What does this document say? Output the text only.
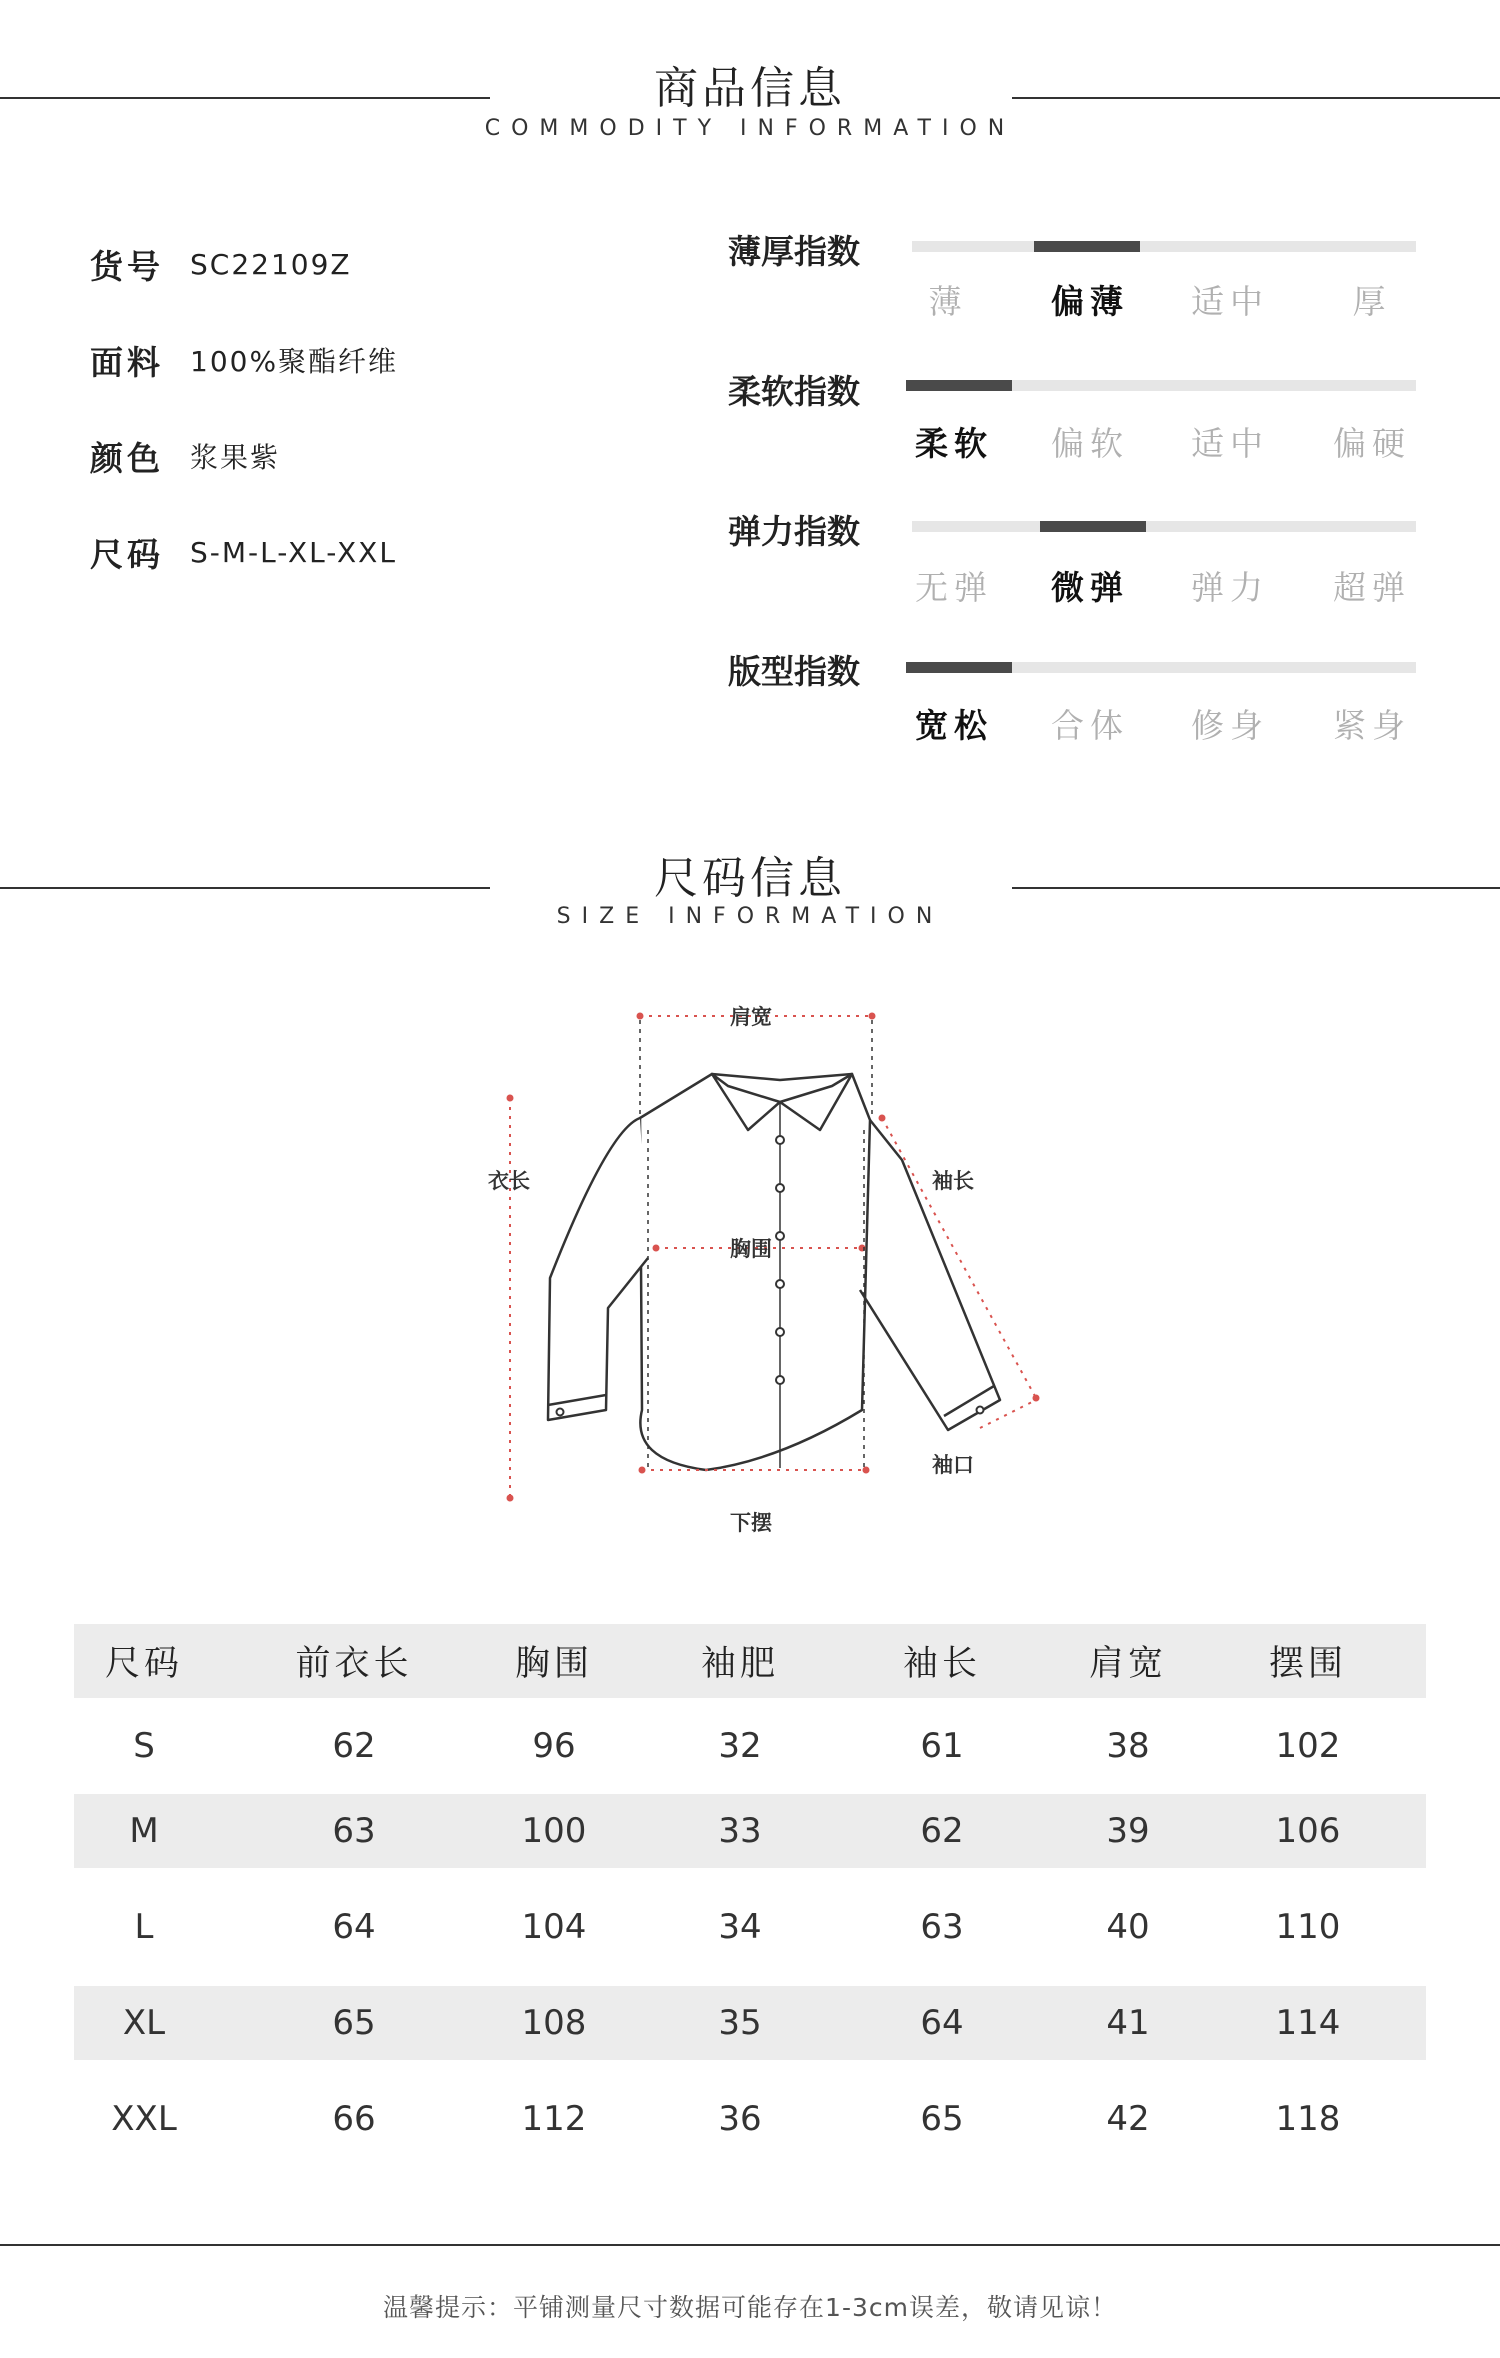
商品信息
COMMODITY INFORMATION
货号 SC22109Z
面料 100%聚酯纤维
颜色 浆果紫
尺码 S-M-L-XL-XXL
薄厚指数
薄	偏薄	适中	厚
柔软指数
柔软	偏软	适中	偏硬
弹力指数
无弹	微弹	弹力	超弹
版型指数
宽松	合体	修身	紧身
尺码信息
SIZE INFORMATION
肩宽
衣长	袖长
胸围
袖口
下摆
尺码	前衣长	胸围	袖肥	袖长	肩宽	摆围
S	62	96	32	61	38	102
M	63	100	33	62	39	106
L	64	104	34	63	40	110
XL	65	108	35	64	41	114
XXL	66	112	36	65	42	118
温馨提示：平铺测量尺寸数据可能存在1-3cm误差，敬请见谅！
